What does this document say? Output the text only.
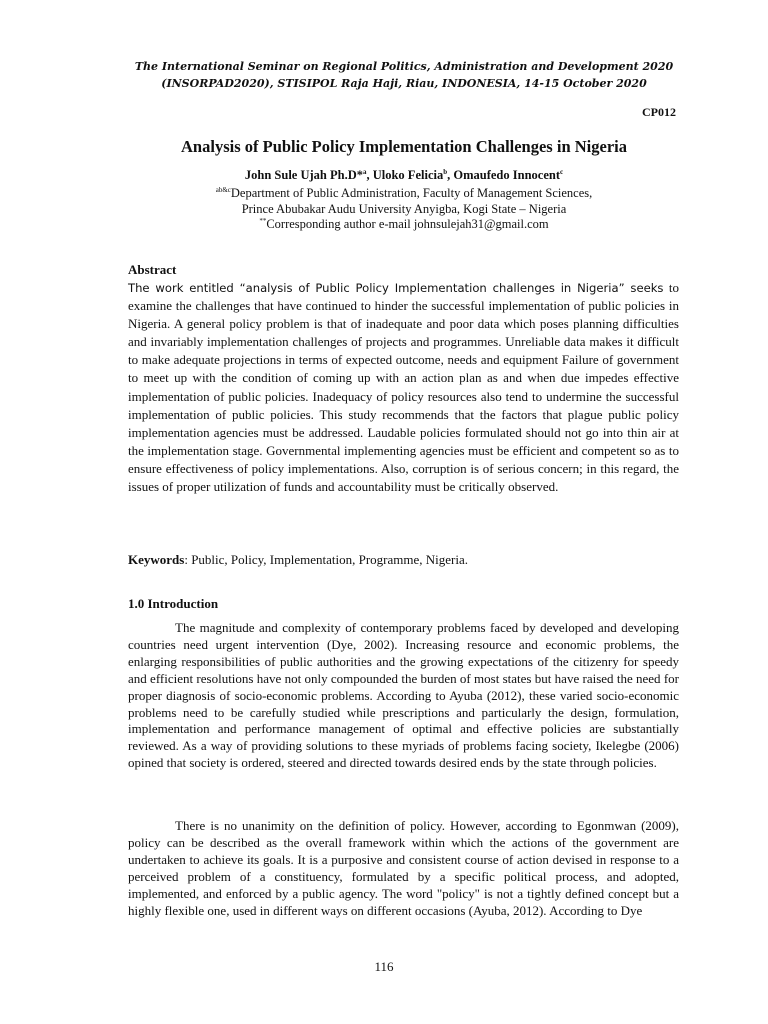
The International Seminar on Regional Politics, Administration and Development 2020
(INSORPAD2020), STISIPOL Raja Haji, Riau, INDONESIA, 14-15 October 2020
CP012
Analysis of Public Policy Implementation Challenges in Nigeria
John Sule Ujah Ph.D*$^a$, Uloko Felicia$^b$, Omaufedo Innocent$^c$
$^{ab\&c}$Department of Public Administration, Faculty of Management Sciences,
Prince Abubakar Audu University Anyigba, Kogi State – Nigeria
**Corresponding author e-mail johnsulejah31@gmail.com
Abstract
The work entitled “analysis of Public Policy Implementation challenges in Nigeria” seeks to examine the challenges that have continued to hinder the successful implementation of public policies in Nigeria. A general policy problem is that of inadequate and poor data which poses planning difficulties and invariably implementation challenges of projects and programmes. Unreliable data makes it difficult to make adequate projections in terms of expected outcome, needs and equipment Failure of government to meet up with the condition of coming up with an action plan as and when due impedes effective implementation of public policies. Inadequacy of policy resources also tend to undermine the successful implementation of public policies. This study recommends that the factors that plague public policy implementation agencies must be addressed. Laudable policies formulated should not go into thin air at the implementation stage. Governmental implementing agencies must be efficient and competent so as to ensure effectiveness of policy implementations. Also, corruption is of serious concern; in this regard, the issues of proper utilization of funds and accountability must be critically observed.
Keywords: Public, Policy, Implementation, Programme, Nigeria.
1.0 Introduction
The magnitude and complexity of contemporary problems faced by developed and developing countries need urgent intervention (Dye, 2002). Increasing resource and economic problems, the enlarging responsibilities of public authorities and the growing expectations of the citizenry for speedy and efficient resolutions have not only compounded the burden of most states but have raised the need for proper diagnosis of socio-economic problems. According to Ayuba (2012), these varied socio-economic problems need to be carefully studied while prescriptions and particularly the design, formulation, implementation and performance management of optimal and effective policies are substantially reviewed. As a way of providing solutions to these myriads of problems facing society, Ikelegbe (2006) opined that society is ordered, steered and directed towards desired ends by the state through policies.
There is no unanimity on the definition of policy. However, according to Egonmwan (2009), policy can be described as the overall framework within which the actions of the government are undertaken to achieve its goals. It is a purposive and consistent course of action devised in response to a perceived problem of a constituency, formulated by a specific political process, and adopted, implemented, and enforced by a public agency. The word "policy" is not a tightly defined concept but a highly flexible one, used in different ways on different occasions (Ayuba, 2012). According to Dye
116
